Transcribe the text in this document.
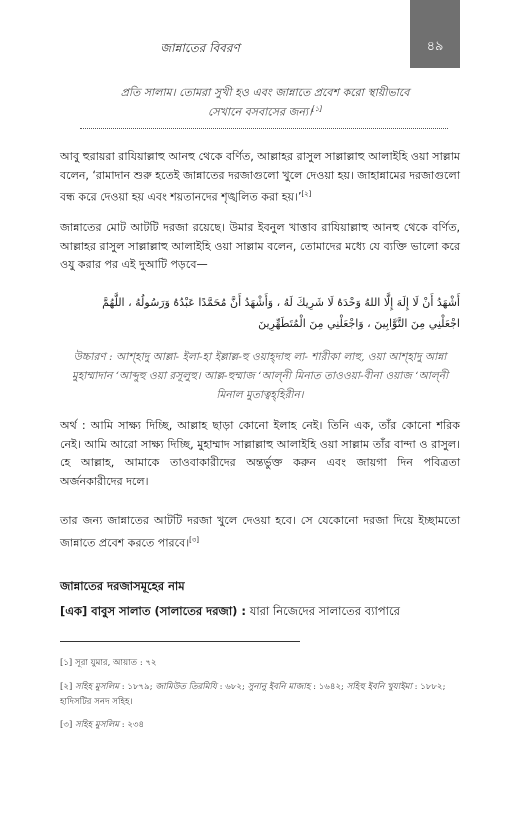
জান্নাতের বিবরণ	৪৯
প্রতি সালাম। তোমরা সুখী হও এবং জান্নাতে প্রবেশ করো স্থায়ীভাবে
সেখানে বসবাসের জন্য।[১]
আবু হুরায়রা রাযিয়াল্লাহু আনহু থেকে বর্ণিত, আল্লাহর রাসুল সাল্লাল্লাহু আলাইহি ওয়া সাল্লাম বলেন, ‘রামাদান শুরু হতেই জান্নাতের দরজাগুলো খুলে দেওয়া হয়। জাহান্নামের দরজাগুলো বন্ধ করে দেওয়া হয় এবং শয়তানদের শৃঙ্খলিত করা হয়।’[২]
জান্নাতের মোট আটটি দরজা রয়েছে। উমার ইবনুল খাত্তাব রাযিয়াল্লাহু আনহু থেকে বর্ণিত, আল্লাহর রাসুল সাল্লাল্লাহু আলাইহি ওয়া সাল্লাম বলেন, তোমাদের মধ্যে যে ব্যক্তি ভালো করে ওযু করার পর এই দুআটি পড়বে—
أَشْهَدُ أَنْ لَا إِلَهَ إِلَّا اللهُ وَحْدَهُ لَا شَرِيكَ لَهُ ، وَأَشْهَدُ أَنَّ مُحَمَّدًا عَبْدُهُ وَرَسُولُهُ ، اللَّهُمَّ
اجْعَلْنِي مِنَ التَّوَّابِينَ ، وَاجْعَلْنِي مِنَ الْمُتَطَهِّرِينَ
উচ্চারণ : আশ্‌হাদু আল্লা- ইলা-হা ইল্লাল্ল-হু ওয়াহ্‌দাহু লা- শারীকা লাহু, ওয়া আশ্‌হাদু আন্না মুহাম্মাদান ‘আব্দুহু ওয়া রসূলুহু। আল্ল-হুম্মাজ ‘আল্‌নী মিনাত তাওওয়া-বীনা ওয়াজ ‘আল্‌নী মিনাল মুতাত্বহ্‌হিরীন।
অর্থ : আমি সাক্ষ্য দিচ্ছি, আল্লাহ ছাড়া কোনো ইলাহ নেই। তিনি এক, তাঁর কোনো শরিক নেই। আমি আরো সাক্ষ্য দিচ্ছি, মুহাম্মাদ সাল্লাল্লাহু আলাইহি ওয়া সাল্লাম তাঁর বান্দা ও রাসুল। হে আল্লাহ, আমাকে তাওবাকারীদের অন্তর্ভুক্ত করুন এবং জায়গা দিন পবিত্রতা অর্জনকারীদের দলে।
তার জন্য জান্নাতের আটটি দরজা খুলে দেওয়া হবে। সে যেকোনো দরজা দিয়ে ইচ্ছামতো জান্নাতে প্রবেশ করতে পারবে।[৩]
জান্নাতের দরজাসমূহের নাম
[এক] বাবুস সালাত (সালাতের দরজা) : যারা নিজেদের সালাতের ব্যাপারে
[১] সূরা যুমার, আয়াত : ৭২
[২] সহিহ মুসলিম : ১৮৭৯; জামিউত তিরমিযি : ৬৮২; সুনানু ইবনি মাজাহ : ১৬৪২; সহিহু ইবনি খুযাইমা : ১৮৮২; হাদিসটির সনদ সহিহ।
[৩] সহিহ মুসলিম : ২৩৪
